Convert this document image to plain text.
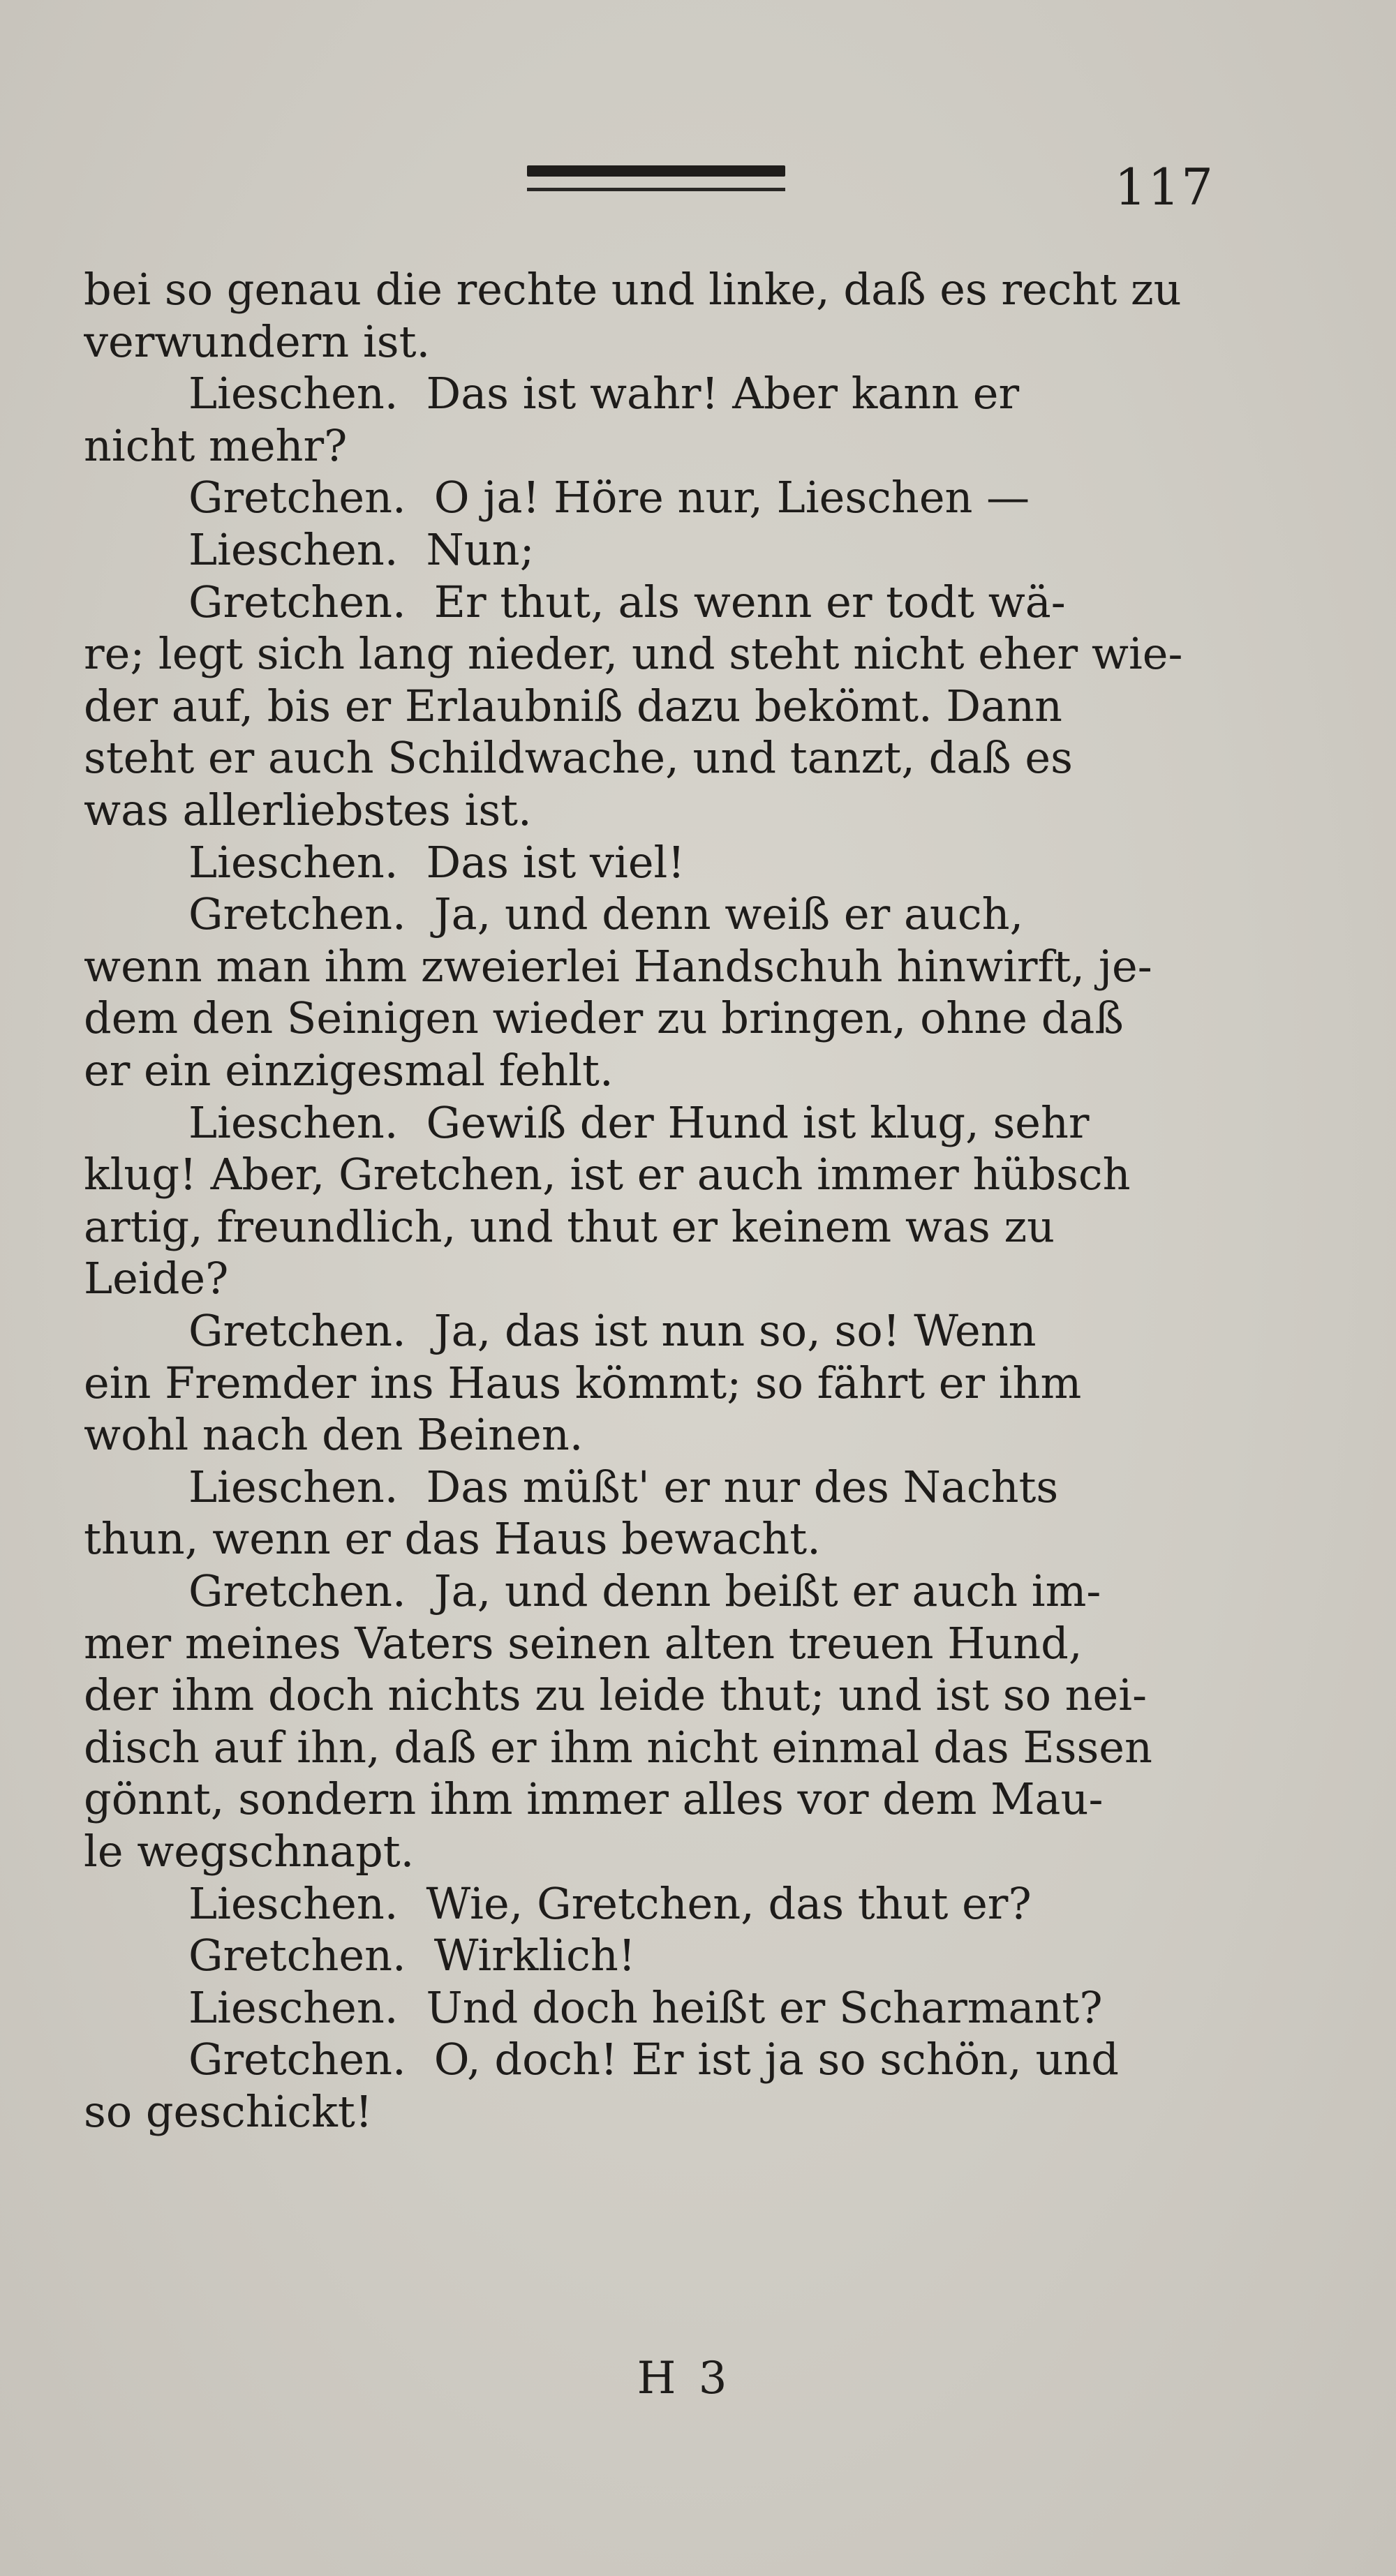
117
bei so genau die rechte und linke, daß es recht zu
verwundern ist.
Lieschen. Das ist wahr! Aber kann er
nicht mehr?
Gretchen. O ja! Höre nur, Lieschen —
Lieschen. Nun;
Gretchen. Er thut, als wenn er todt wä-
re; legt sich lang nieder, und steht nicht eher wie-
der auf, bis er Erlaubniß dazu bekömt. Dann
steht er auch Schildwache, und tanzt, daß es
was allerliebstes ist.
Lieschen. Das ist viel!
Gretchen. Ja, und denn weiß er auch,
wenn man ihm zweierlei Handschuh hinwirft, je-
dem den Seinigen wieder zu bringen, ohne daß
er ein einzigesmal fehlt.
Lieschen. Gewiß der Hund ist klug, sehr
klug! Aber, Gretchen, ist er auch immer hübsch
artig, freundlich, und thut er keinem was zu
Leide?
Gretchen. Ja, das ist nun so, so! Wenn
ein Fremder ins Haus kömmt; so fährt er ihm
wohl nach den Beinen.
Lieschen. Das müßt' er nur des Nachts
thun, wenn er das Haus bewacht.
Gretchen. Ja, und denn beißt er auch im-
mer meines Vaters seinen alten treuen Hund,
der ihm doch nichts zu leide thut; und ist so nei-
disch auf ihn, daß er ihm nicht einmal das Essen
gönnt, sondern ihm immer alles vor dem Mau-
le wegschnapt.
Lieschen. Wie, Gretchen, das thut er?
Gretchen. Wirklich!
Lieschen. Und doch heißt er Scharmant?
Gretchen. O, doch! Er ist ja so schön, und
so geschickt!
H 3
